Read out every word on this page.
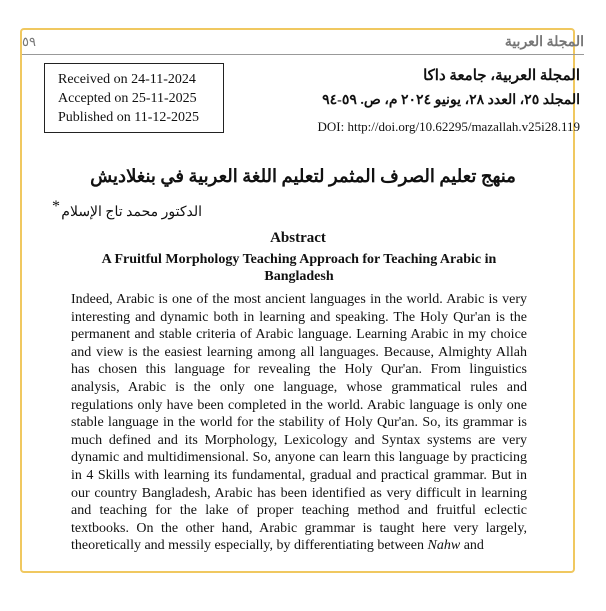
٥٩	المجلة العربية
Received on 24-11-2024
Accepted on 25-11-2025
Published on 11-12-2025
المجلة العربية، جامعة داكا
المجلد ٢٥، العدد ٢٨، يونيو ٢٠٢٤ م، ص. ٥٩-٩٤
DOI: http://doi.org/10.62295/mazallah.v25i28.119
منهج تعليم الصرف المثمر لتعليم اللغة العربية في بنغلاديش
* الدكتور محمد تاج الإسلام
Abstract
A Fruitful Morphology Teaching Approach for Teaching Arabic in Bangladesh

Indeed, Arabic is one of the most ancient languages in the world. Arabic is very interesting and dynamic both in learning and speaking. The Holy Qur'an is the permanent and stable criteria of Arabic language. Learning Arabic in my choice and view is the easiest learning among all languages. Because, Almighty Allah has chosen this language for revealing the Holy Qur'an. From linguistics analysis, Arabic is the only one language, whose grammatical rules and regulations only have been completed in the world. Arabic language is only one stable language in the world for the stability of Holy Qur'an. So, its grammar is much defined and its Morphology, Lexicology and Syntax systems are very dynamic and multidimensional. So, anyone can learn this language by practicing in 4 Skills with learning its fundamental, gradual and practical grammar. But in our country Bangladesh, Arabic has been identified as very difficult in learning and teaching for the lake of proper teaching method and fruitful eclectic textbooks. On the other hand, Arabic grammar is taught here very largely, theoretically and messily especially, by differentiating between Nahw and
